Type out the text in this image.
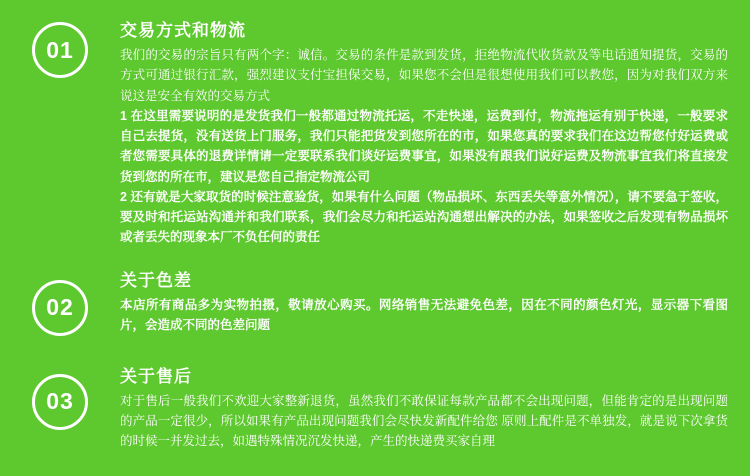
01
交易方式和物流

我们的交易的宗旨只有两个字：诚信。交易的条件是款到发货，拒绝物流代收货款及等电话通知提货，交易的方式可通过银行汇款，强烈建议支付宝担保交易，如果您不会但是很想使用我们可以教您，因为对我们双方来说这是安全有效的交易方式

1 在这里需要说明的是发货我们一般都通过物流托运，不走快递，运费到付，物流拖运有别于快递，一般要求自己去提货，没有送货上门服务，我们只能把货发到您所在的市，如果您真的要求我们在这边帮您付好运费或者您需要具体的退费详情请一定要联系我们谈好运费事宜，如果没有跟我们说好运费及物流事宜我们将直接发货到您的所在市，建议是您自己指定物流公司

2 还有就是大家取货的时候注意验货，如果有什么问题（物品损坏、东西丢失等意外情况），请不要急于签收，要及时和托运站沟通并和我们联系，我们会尽力和托运站沟通想出解决的办法，如果签收之后发现有物品损坏或者丢失的现象本厂不负任何的责任

02
关于色差

本店所有商品多为实物拍摄，敬请放心购买。网络销售无法避免色差，因在不同的颜色灯光，显示器下看图片，会造成不同的色差问题

03
关于售后

对于售后一般我们不欢迎大家整新退货，虽然我们不敢保证每款产品都不会出现问题，但能肯定的是出现问题的产品一定很少，所以如果有产品出现问题我们会尽快发新配件给您 原则上配件是不单独发，就是说下次拿货的时候一并发过去，如遇特殊情况沉发快递，产生的快递费买家自理
